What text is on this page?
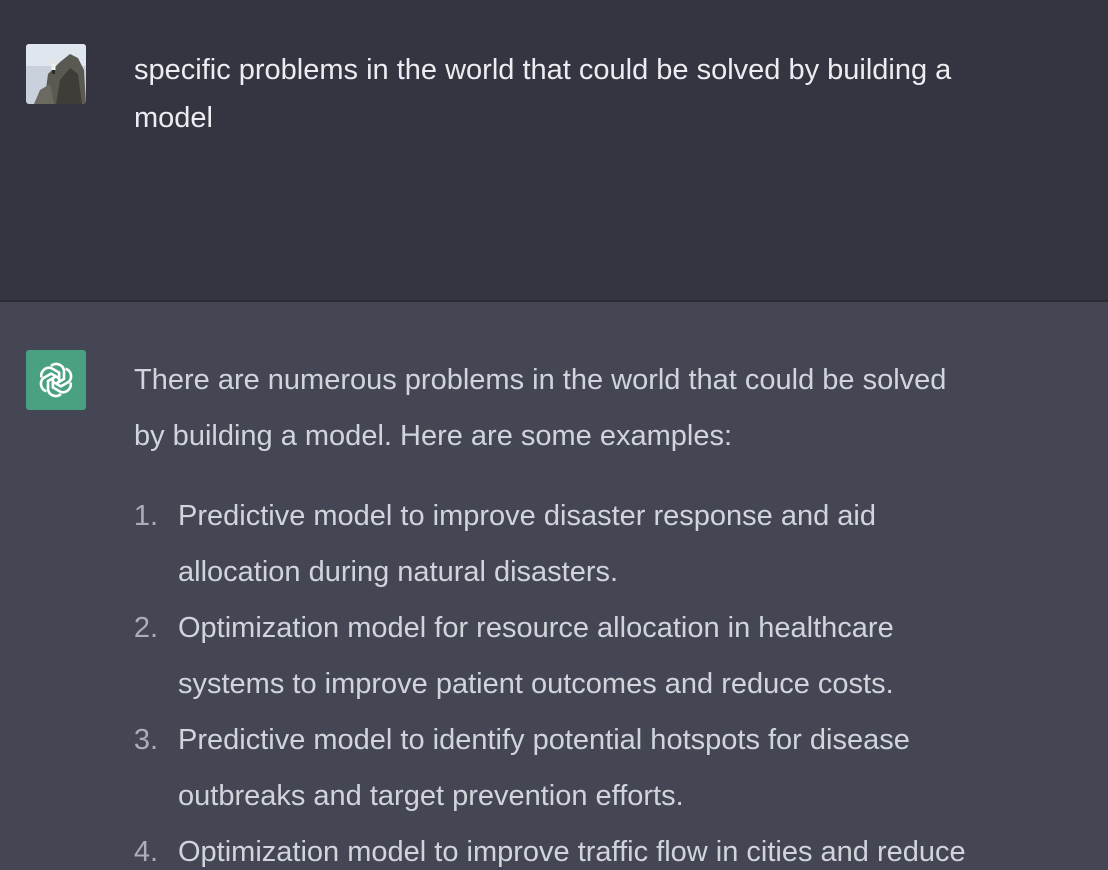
specific problems in the world that could be solved by building a
model

There are numerous problems in the world that could be solved
by building a model. Here are some examples:

1. Predictive model to improve disaster response and aid
allocation during natural disasters.
2. Optimization model for resource allocation in healthcare
systems to improve patient outcomes and reduce costs.
3. Predictive model to identify potential hotspots for disease
outbreaks and target prevention efforts.
4. Optimization model to improve traffic flow in cities and reduce
